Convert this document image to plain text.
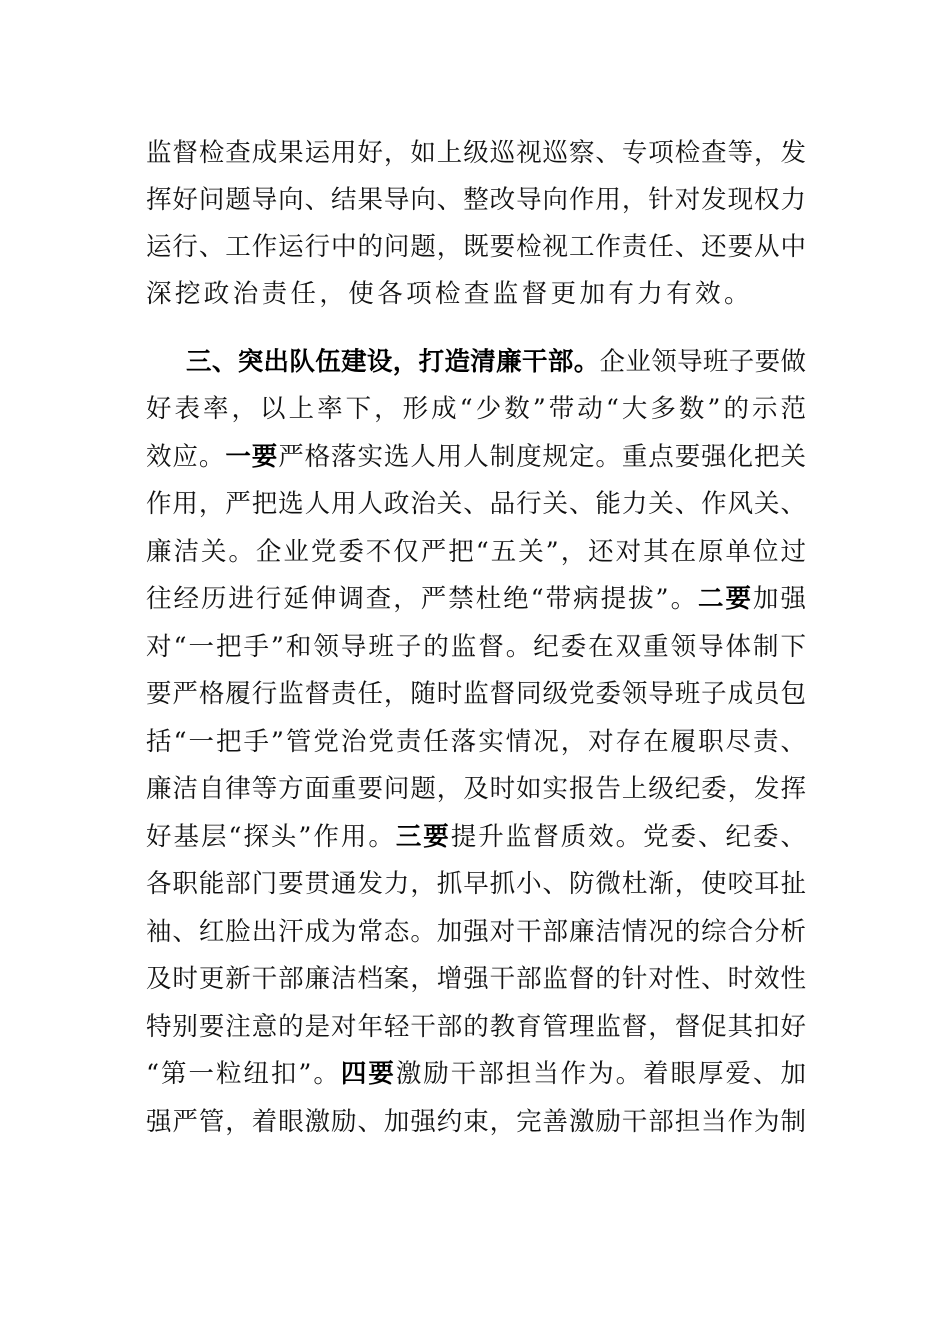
监督检查成果运用好，如上级巡视巡察、专项检查等，发
挥好问题导向、结果导向、整改导向作用，针对发现权力
运行、工作运行中的问题，既要检视工作责任、还要从中
深挖政治责任，使各项检查监督更加有力有效。
三、突出队伍建设，打造清廉干部。企业领导班子要做
好表率，以上率下，形成“少数”带动“大多数”的示范
效应。一要严格落实选人用人制度规定。重点要强化把关
作用，严把选人用人政治关、品行关、能力关、作风关、
廉洁关。企业党委不仅严把“五关”，还对其在原单位过
往经历进行延伸调查，严禁杜绝“带病提拔”。二要加强
对“一把手”和领导班子的监督。纪委在双重领导体制下
要严格履行监督责任，随时监督同级党委领导班子成员包
括“一把手”管党治党责任落实情况，对存在履职尽责、
廉洁自律等方面重要问题，及时如实报告上级纪委，发挥
好基层“探头”作用。三要提升监督质效。党委、纪委、
各职能部门要贯通发力，抓早抓小、防微杜渐，使咬耳扯
袖、红脸出汗成为常态。加强对干部廉洁情况的综合分析
及时更新干部廉洁档案，增强干部监督的针对性、时效性
特别要注意的是对年轻干部的教育管理监督，督促其扣好
“第一粒纽扣”。四要激励干部担当作为。着眼厚爱、加
强严管，着眼激励、加强约束，完善激励干部担当作为制
